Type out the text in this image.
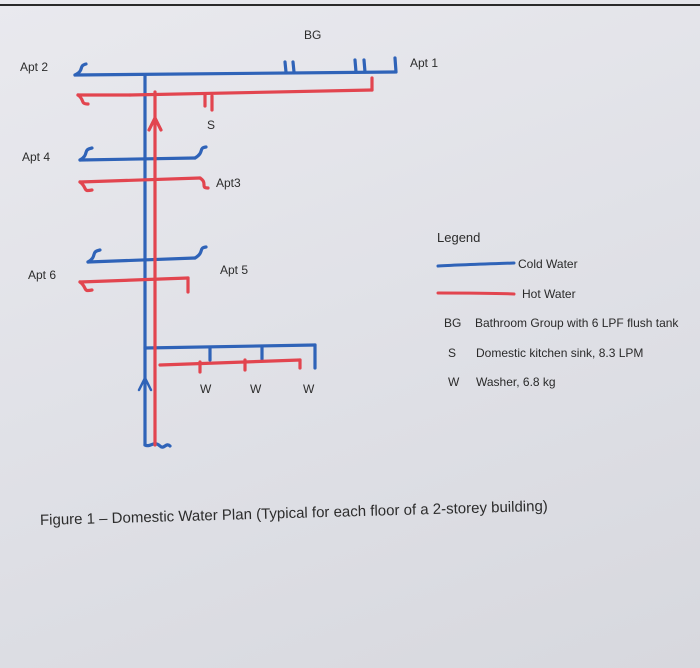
BG
Apt 1
Apt 2
S
Apt 4
Apt3
Apt 6	Apt 5
W	W	W
Legend
Cold Water
Hot Water
BG Bathroom Group with 6 LPF flush tank
S Domestic kitchen sink, 8.3 LPM
W Washer, 6.8 kg
Figure 1 – Domestic Water Plan (Typical for each floor of a 2-storey building)
